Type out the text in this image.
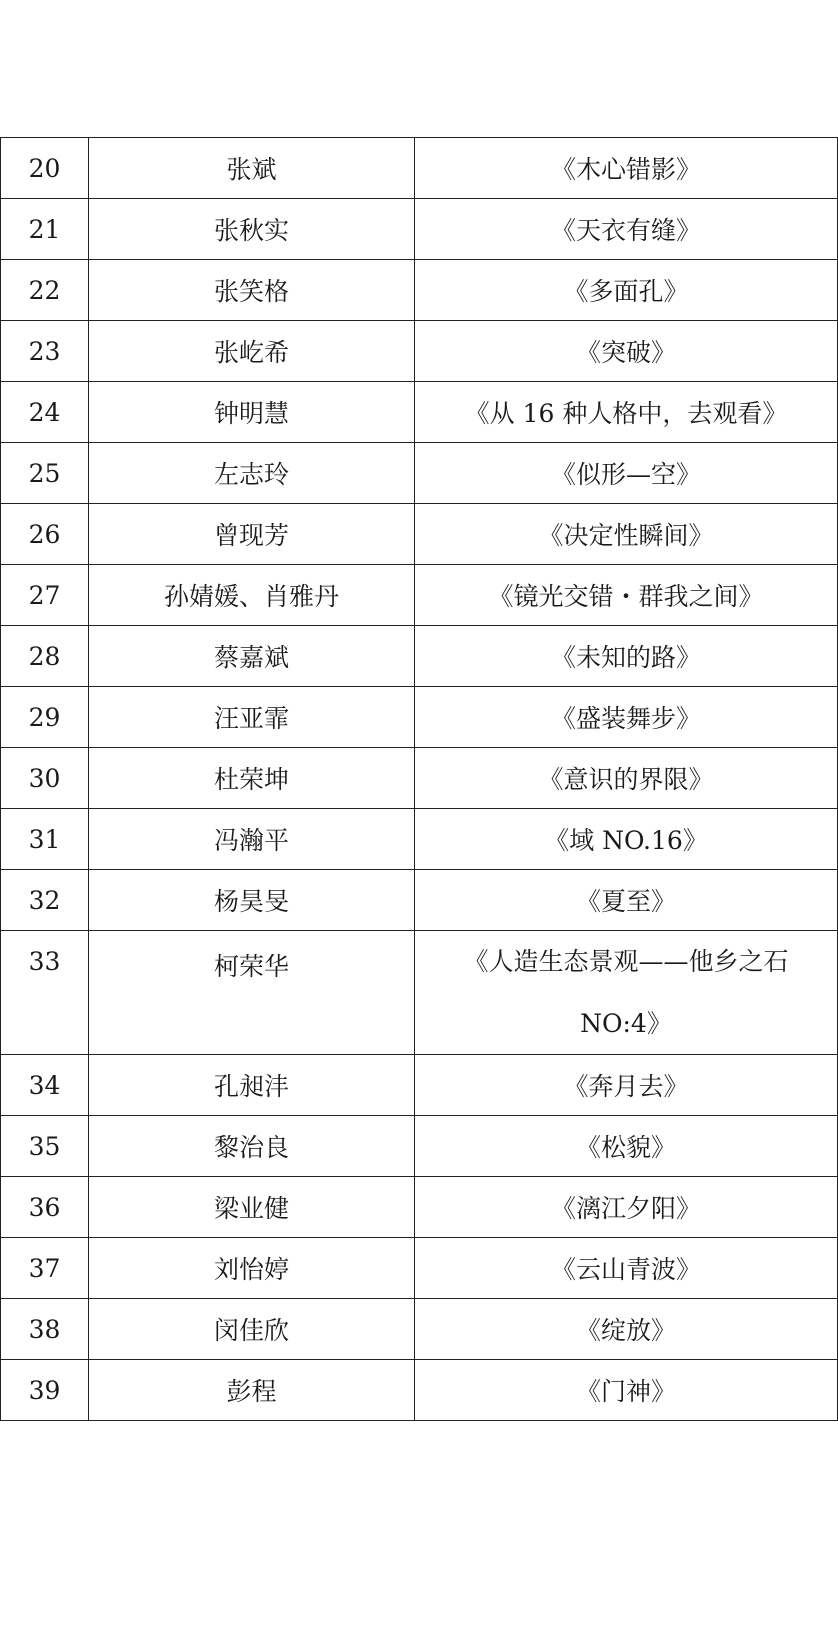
20	张斌	《木心错影》
21	张秋实	《天衣有缝》
22	张笑格	《多面孔》
23	张屹希	《突破》
24	钟明慧	《从 16 种人格中，去观看》
25	左志玲	《似形—空》
26	曾现芳	《决定性瞬间》
27	孙婧媛、肖雅丹	《镜光交错・群我之间》
28	蔡嘉斌	《未知的路》
29	汪亚霏	《盛装舞步》
30	杜荣坤	《意识的界限》
31	冯瀚平	《域 NO.16》
32	杨昊旻	《夏至》
33	柯荣华	《人造生态景观——他乡之石
NO:4》

34	孔昶沣	《奔月去》
35	黎治良	《松貌》
36	梁业健	《漓江夕阳》
37	刘怡婷	《云山青波》
38	闵佳欣	《绽放》
39	彭程	《门神》
